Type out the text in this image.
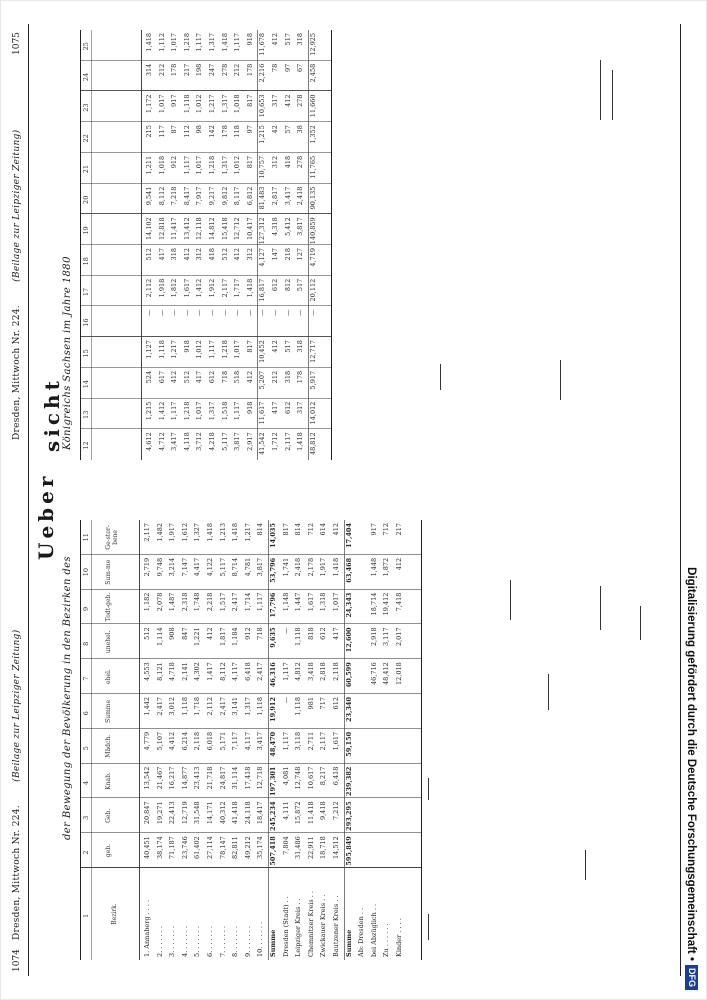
1074
Dresden, Mittwoch Nr. 224. (Beilage zur Leipziger Zeitung)
Dresden, Mittwoch Nr. 224. (Beilage zur Leipziger Zeitung)
1075
Ueber
sicht
der Bewegung der Bevölkerung in den Bezirken des
Königreichs Sachsen im Jahre 1880
1
2
3
4
5
6
7
8
9
10
11
Bezirk.
geb.
Geb.
Knab.
Mädch.
Summe
ehel.
unehel.
Todt-geb.
Sum-me
Ge-stor-bene
1. Annaberg . . . .
40,451
20,847
13,542
4,779
1,442
4,553
512
1,182
2,719
2,117
2. . . . . . .
38,174
19,271
21,467
5,107
2,417
8,121
1,114
2,078
9,748
1,482
3. . . . . . .
71,187
22,413
16,217
4,412
3,012
4,718
908
1,487
3,214
1,917
4. . . . . . .
23,746
12,719
14,877
6,214
1,118
2,141
847
2,318
7,147
1,612
5. . . . . . .
61,402
31,548
23,413
2,118
1,718
4,302
1,221
1,748
4,417
1,327
6. . . . . . .
27,114
14,171
21,718
6,018
2,112
1,417
412
2,218
4,122
1,418
7. . . . . . .
78,147
40,312
24,817
5,171
2,417
8,112
1,817
1,517
5,117
1,213
8. . . . . . .
82,811
41,418
31,114
7,117
3,141
4,117
1,184
2,417
8,714
1,418
9. . . . . . .
49,212
24,118
17,418
4,117
1,317
6,418
912
1,714
4,781
1,217
10. . . . . . .
35,174
18,417
12,718
3,417
1,118
2,417
718
1,117
3,817
814
Summe
507,418
245,234
197,301
48,470
19,912
46,316
9,635
17,796
53,796
14,035
Dresden (Stadt) . .
7,804
4,111
4,081
1,117
—
1,117
—
1,148
1,741
817
Leipziger Kreis . .
31,486
15,872
12,748
3,118
1,118
4,812
1,118
1,447
2,418
814
Chemnitzer Kreis . .
22,911
11,418
10,617
2,711
981
3,418
818
1,617
2,178
712
Zwickauer Kreis . .
18,718
9,418
8,217
2,117
717
2,818
612
1,318
1,917
614
Bautzener Kreis . .
14,512
7,212
6,418
1,617
612
2,118
417
1,017
1,418
412
Summe
595,849
293,295
239,382
59,150
23,340
60,599
12,600
24,343
63,468
17,404
Ab: Dresden . . bei Abzüglich . .
46,716
2,918
18,714
1,448
917
Zu . . . . . .
48,412
3,117
19,412
1,872
712
Kinder . . . .
12,018
2,017
7,418
412
217
12
13
14
15
16
17
18
19
20
21
22
23
24
25
4,612
1,215
524
1,127
—
2,112
512
14,102
9,541
1,211
215
1,172
314
1,418
4,712
1,412
617
1,118
—
1,918
417
12,818
8,112
1,018
117
1,017
212
1,112
3,417
1,117
412
1,217
—
1,812
318
11,417
7,218
912
87
917
178
1,017
4,118
1,218
512
918
—
1,617
412
13,412
8,417
1,117
112
1,118
217
1,218
3,712
1,017
417
1,012
—
1,412
312
12,118
7,917
1,017
98
1,012
198
1,117
4,218
1,317
612
1,117
—
1,912
418
14,812
9,217
1,218
142
1,217
247
1,317
5,117
1,518
718
1,218
—
2,117
512
15,418
9,812
1,317
178
1,317
278
1,418
3,817
1,117
518
1,017
—
1,717
412
12,712
8,117
1,012
118
1,018
212
1,117
2,917
918
412
817
—
1,418
312
10,417
6,812
817
97
817
178
918
41,542
11,617
5,207
10,452
—
16,817
4,127
127,312
81,483
10,757
1,215
10,653
2,216
11,678
1,712
417
212
412
—
612
147
4,318
2,817
312
42
317
78
412
2,117
612
318
517
—
812
218
5,412
3,417
418
57
412
97
517
1,418
317
178
318
—
517
127
3,817
2,418
278
38
278
67
318
48,812
14,012
5,917
12,717
—
20,112
4,719
140,859
90,135
11,765
1,352
11,660
2,458
12,925
Digitalisierung gefördert durch die Deutsche Forschungsgemeinschaft •DFG
